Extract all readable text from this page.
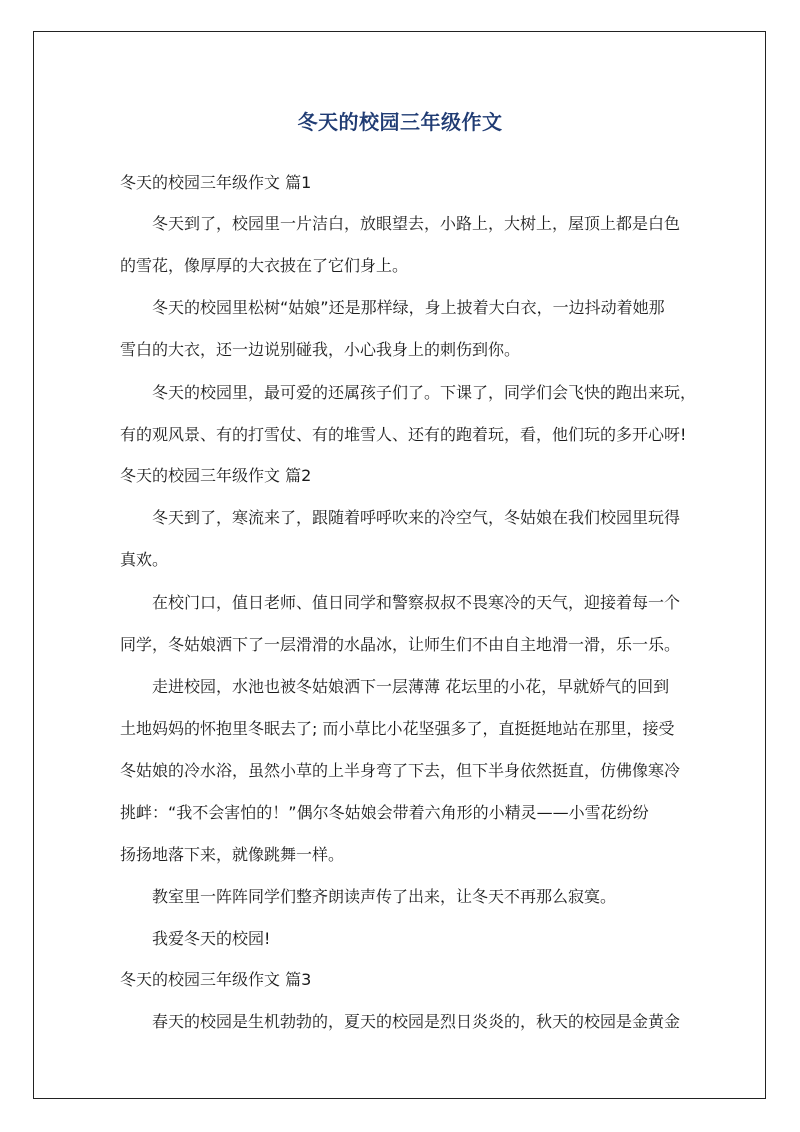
冬天的校园三年级作文

冬天的校园三年级作文 篇1

冬天到了，校园里一片洁白，放眼望去，小路上，大树上，屋顶上都是白色

的雪花，像厚厚的大衣披在了它们身上。

冬天的校园里松树“姑娘”还是那样绿，身上披着大白衣，一边抖动着她那

雪白的大衣，还一边说别碰我，小心我身上的刺伤到你。

冬天的校园里，最可爱的还属孩子们了。下课了，同学们会飞快的跑出来玩，

有的观风景、有的打雪仗、有的堆雪人、还有的跑着玩，看，他们玩的多开心呀!

冬天的校园三年级作文 篇2

冬天到了，寒流来了，跟随着呼呼吹来的冷空气，冬姑娘在我们校园里玩得

真欢。

在校门口，值日老师、值日同学和警察叔叔不畏寒冷的天气，迎接着每一个

同学，冬姑娘洒下了一层滑滑的水晶冰，让师生们不由自主地滑一滑，乐一乐。

走进校园，水池也被冬姑娘洒下一层薄薄 花坛里的小花，早就娇气的回到

土地妈妈的怀抱里冬眠去了; 而小草比小花坚强多了，直挺挺地站在那里，接受

冬姑娘的冷水浴，虽然小草的上半身弯了下去，但下半身依然挺直，仿佛像寒冷

挑衅：“我不会害怕的！”偶尔冬姑娘会带着六角形的小精灵——小雪花纷纷

扬扬地落下来，就像跳舞一样。

教室里一阵阵同学们整齐朗读声传了出来，让冬天不再那么寂寞。

我爱冬天的校园!

冬天的校园三年级作文 篇3

春天的校园是生机勃勃的，夏天的校园是烈日炎炎的，秋天的校园是金黄金
